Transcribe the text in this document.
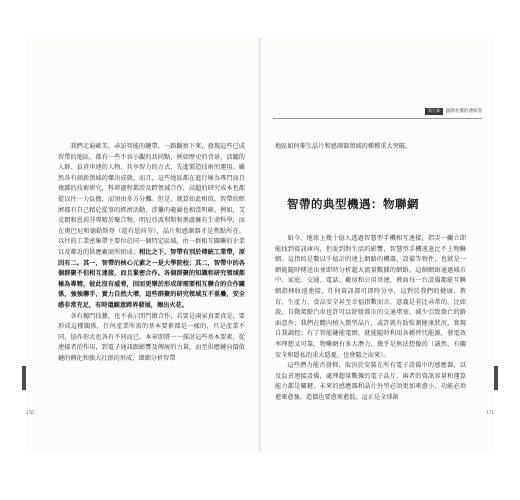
我們走遍歐美，尋訪智能的鏈帶，一路觀察下來，發現這些已成智帶的地區，都有一些不容小觀的共同點，例如歷史的背景、活躍的人群、負責串連的人物、共享智力的方式，先進製造技術的運用。雖然各有創新領域的傑出成就，而且，這些地區都在進行極為專門而且複雜的技術研究，科研過程都涉及跨領域合作，高超的研究成本也都從以往一力負擔，而須由多方分攤。但是，就算如此相似，智帶的經濟都有自己精於從事的經濟活動，涉獵的範圍也相當明確。例如，艾克朗和恩荷芬專精於聚合物，明尼亞波利斯和奧盧擁有生命科學，而在奧巴尼和德勒斯登（還有恩荷芬），晶片和感測器才是焦點所在。以往的工業密集帶主要位於同一個特定區域，由一群相互關聯的企業以及鄰近的供應廠商所組成；相比之下，智帶有別於傳統工業帶，原因有二。其一，智帶的核心元素之一是大學院校；其二，智帶中的各個群聚不但相互連接，而且緊密合作。各個群聚的知識和研究領域都極為專精，彼此沒有威脅，因而更樂於形成卻需要相互聯合的合作關係，強強聯手，實力自然大增，這些群聚的研究領域互不重疊，安全感非常充足，有時還願意跨界發展，擦出火花。

各有獨門技藝，也不表示閉門做合作，若要是兩家真要真是，要形成這種關係，任何產業所需的基本要素都是一樣的，只是產業不同，協作形式也各有不同而已。本章即將一一探討這些基本要素，從連接者的作用，到電子通訊跟影響及傳統的力量，而至供應鏈向價值鏈的轉化和強大社群的形成，細細分析智帶

170
第七章	創新社群的連結者

地區如何催生晶片和感測器領域的種種重大突破。

智帶的典型機遇：物聯網

如今，地球上幾十億人透過智慧型手機相互連接，指尖一觸立即能找到資訊庫內，但說到對生活的影響，智慧型手機遠遠比不上物聯網。這指的是數以千億計的連上網路的機器、設備等物件，也就是一網能隨時傳送出並即時分析超大流量數據的網絡。這個網絡通過城市中、家庭、交通、電話、廠房和公用基建，裡面每一台設備都能互聯網指揮收遠連接，任何資訊都可即時分享，這對於我們的健康、教育、生產力、食品安全甚至幸福指數而言，意義是非比尋常的。比如說，自動駕駛汽車也許可以舒緩都市的交通堵塞，減少引致傷亡的路面意外；我們在體內植入微型晶片，或許就有助監測健康狀況，實現自我調控；有了智能鏈能電網，就能隨時利用各種替代能源，發電效率理想又可靠，物聯網有多大潛力，幾乎是無法想像的（誠然，有關安全和隱私的重大隱憂，也會隨之而來）。

這些潛力能否發揮，取決於安裝在所有電子設備中的感應器，以及負責連接設備，處理超量數據的電子晶片，兩者的資訊容量和運算能力都是關鍵。未來的感應器和晶片外型必須更加來愈小，功能必須愈來愈強，造價也要愈來愈低。這正是全球創

171
